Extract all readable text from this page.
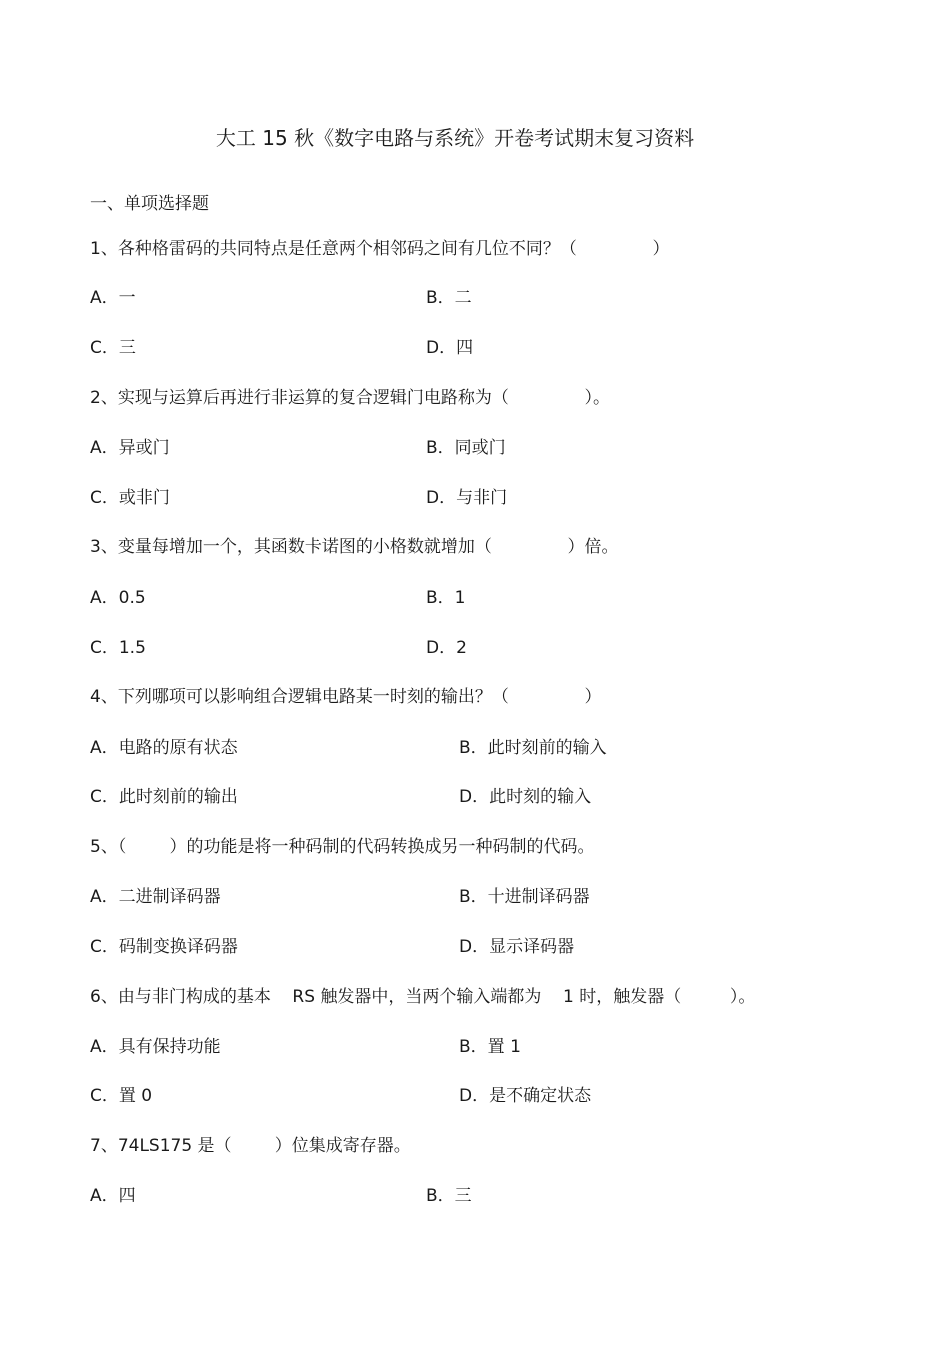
大工 15 秋《数字电路与系统》开卷考试期末复习资料
一、单项选择题
1、各种格雷码的共同特点是任意两个相邻码之间有几位不同？（              ）
A．一	B．二
C．三	D．四
2、实现与运算后再进行非运算的复合逻辑门电路称为（              ）。
A．异或门	B．同或门
C．或非门	D．与非门
3、变量每增加一个，其函数卡诺图的小格数就增加（              ）倍。
A．0.5	B．1
C．1.5	D．2
4、下列哪项可以影响组合逻辑电路某一时刻的输出？（              ）
A．电路的原有状态	B．此时刻前的输入
C．此时刻前的输出	D．此时刻的输入
5、（        ）的功能是将一种码制的代码转换成另一种码制的代码。
A．二进制译码器	B．十进制译码器
C．码制变换译码器	D．显示译码器
6、由与非门构成的基本    RS 触发器中，当两个输入端都为    1 时，触发器（         ）。
A．具有保持功能	B．置 1
C．置 0	D．是不确定状态
7、74LS175 是（        ）位集成寄存器。
A．四	B．三
